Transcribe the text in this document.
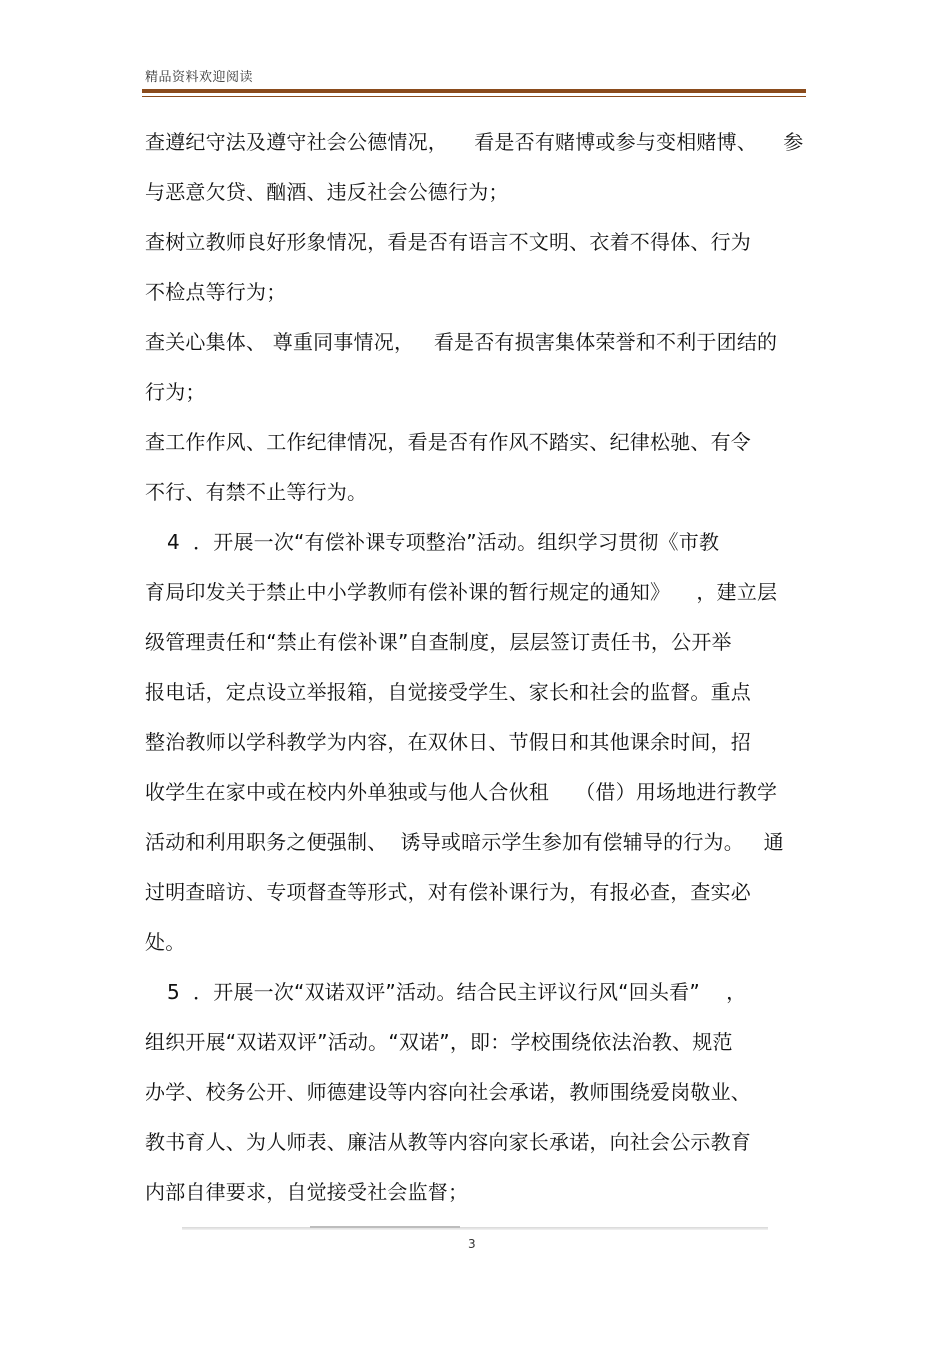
精品资料欢迎阅读
查遵纪守法及遵守社会公德情况，    看是否有赌博或参与变相赌博、    参
与恶意欠贷、酗酒、违反社会公德行为；
查树立教师良好形象情况，看是否有语言不文明、衣着不得体、行为
不检点等行为；
查关心集体、 尊重同事情况，   看是否有损害集体荣誉和不利于团结的
行为；
查工作作风、工作纪律情况，看是否有作风不踏实、纪律松驰、有令
不行、有禁不止等行为。
4  ．开展一次“有偿补课专项整治”活动。组织学习贯彻《市教
育局印发关于禁止中小学教师有偿补课的暂行规定的通知》    ，建立层
级管理责任和“禁止有偿补课”自查制度，层层签订责任书，公开举
报电话，定点设立举报箱，自觉接受学生、家长和社会的监督。重点
整治教师以学科教学为内容，在双休日、节假日和其他课余时间，招
收学生在家中或在校内外单独或与他人合伙租    （借）用场地进行教学
活动和利用职务之便强制、  诱导或暗示学生参加有偿辅导的行为。   通
过明查暗访、专项督查等形式，对有偿补课行为，有报必查，查实必
处。
5  ．开展一次“双诺双评”活动。结合民主评议行风“回头看”    ，
组织开展“双诺双评”活动。“双诺”，即：学校围绕依法治教、规范
办学、校务公开、师德建设等内容向社会承诺，教师围绕爱岗敬业、
教书育人、为人师表、廉洁从教等内容向家长承诺，向社会公示教育
内部自律要求，自觉接受社会监督；
3
